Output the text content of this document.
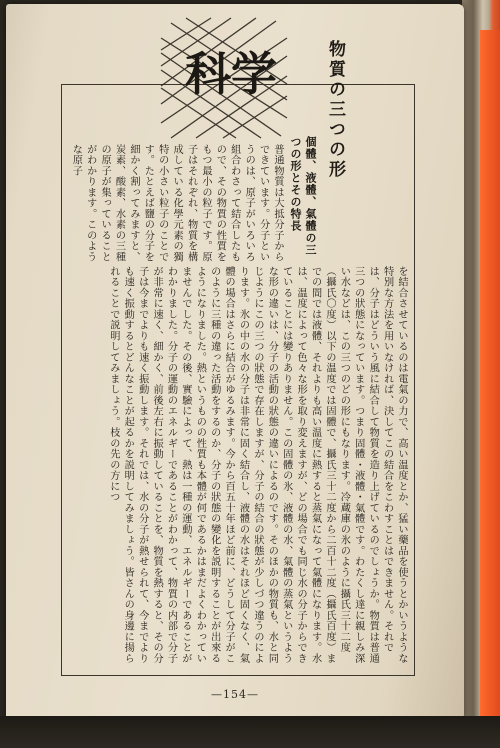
科学	物質の三つの形
個體、液體、氣體の三つの形とその特長
普通物質は大抵分子からできています。分子というのは、原子がいろいろ組合わさって結合したもので、その物質の性質をもつ最小の粒子です。原子はそれぞれ、物質を構成している化學元素の獨特の小さい粒子のことです。たとえば鹽の分子を細かく割ってみますと、炭素、酸素、水素の三種の原子が集っていることがわかります。このような原子
を結合させているのは電氣の力で、高い温度とか、猛い藥品を使うとかいうような特別な方法を用いなければ、決してこの結合をこわすことはできません。それでは、分子はどういう風に結合して物質を造り上げているのでしょうか。物質は普通三つの狀態になっています。つまり固體・液體・氣體です。わたくし達に親しみ深い水などは、この三つのどの形にもなります。冷蔵庫の氷のように攝氏三十二度（攝氏〇度）以下の温度では固體で、攝氏三十二度から二百十二度（攝氏百度）までの間では液體、それよりも高い温度に熱すると蒸氣になって氣體になります。水は、温度によって色々な形を取り変えますが、どの場合でも同じ水の分子からできていることには變りありません。この固體の氷、液體の水、氣體の蒸氣というような形の違いは、分子の活動の狀態の違いによるのです。そのほかの物質も、水と同じようにこの三つの狀態で存在しますが、分子の結合の狀態が少しづつ違うのによります。氷の中の水の分子は非常に固く結合し、液體の水はそれほど固くなく、氣體の場合はさらに結合がゆるみます。今から百五十年ほど前に、どうして分子がこのように三種の違った活動をするのか、分子の狀態の變化を説明することが出來るようになりました。熱というものの性質も本體が何であるかはまだよくわかっていませんでした。その後、實驗によって、熱は一種の運動、エネルギーであることがわかりました。分子の運動のエネルギーであることがわかって、物質の内部で分子が非常に速く、細かく、前後左右に振動していることを、物質を熱すると、その分子は今までよりも速く振動します。それでは、水の分子が熱せられて、今までよりも速く振動するとどんなことが起るかを説明してみましょう。皆さんの身邊に揚られることで説明してみましょう。枝の先の方につ
—154—
